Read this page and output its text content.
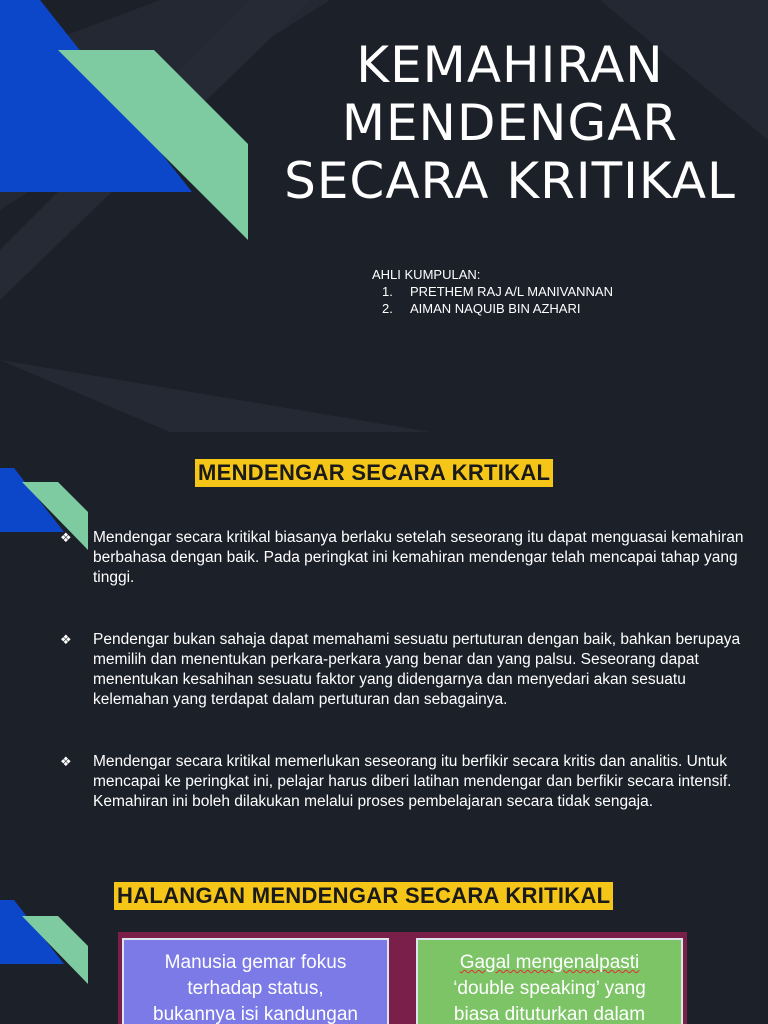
KEMAHIRAN
MENDENGAR
SECARA KRITIKAL
AHLI KUMPULAN:
1.	PRETHEM RAJ A/L MANIVANNAN
2.	AIMAN NAQUIB BIN AZHARI
MENDENGAR SECARA KRTIKAL
❖	Mendengar secara kritikal biasanya berlaku setelah seseorang itu dapat menguasai kemahiran berbahasa dengan baik. Pada peringkat ini kemahiran mendengar telah mencapai tahap yang tinggi.
❖	Pendengar bukan sahaja dapat memahami sesuatu pertuturan dengan baik, bahkan berupaya memilih dan menentukan perkara-perkara yang benar dan yang palsu. Seseorang dapat menentukan kesahihan sesuatu faktor yang didengarnya dan menyedari akan sesuatu kelemahan yang terdapat dalam pertuturan dan sebagainya.
❖	Mendengar secara kritikal memerlukan seseorang itu berfikir secara kritis dan analitis. Untuk mencapai ke peringkat ini, pelajar harus diberi latihan mendengar dan berfikir secara intensif. Kemahiran ini boleh dilakukan melalui proses pembelajaran secara tidak sengaja.
HALANGAN MENDENGAR SECARA KRITIKAL
Manusia gemar fokus
terhadap status,
bukannya isi kandungan
Gagal mengenalpasti
‘double speaking’ yang
biasa dituturkan dalam
